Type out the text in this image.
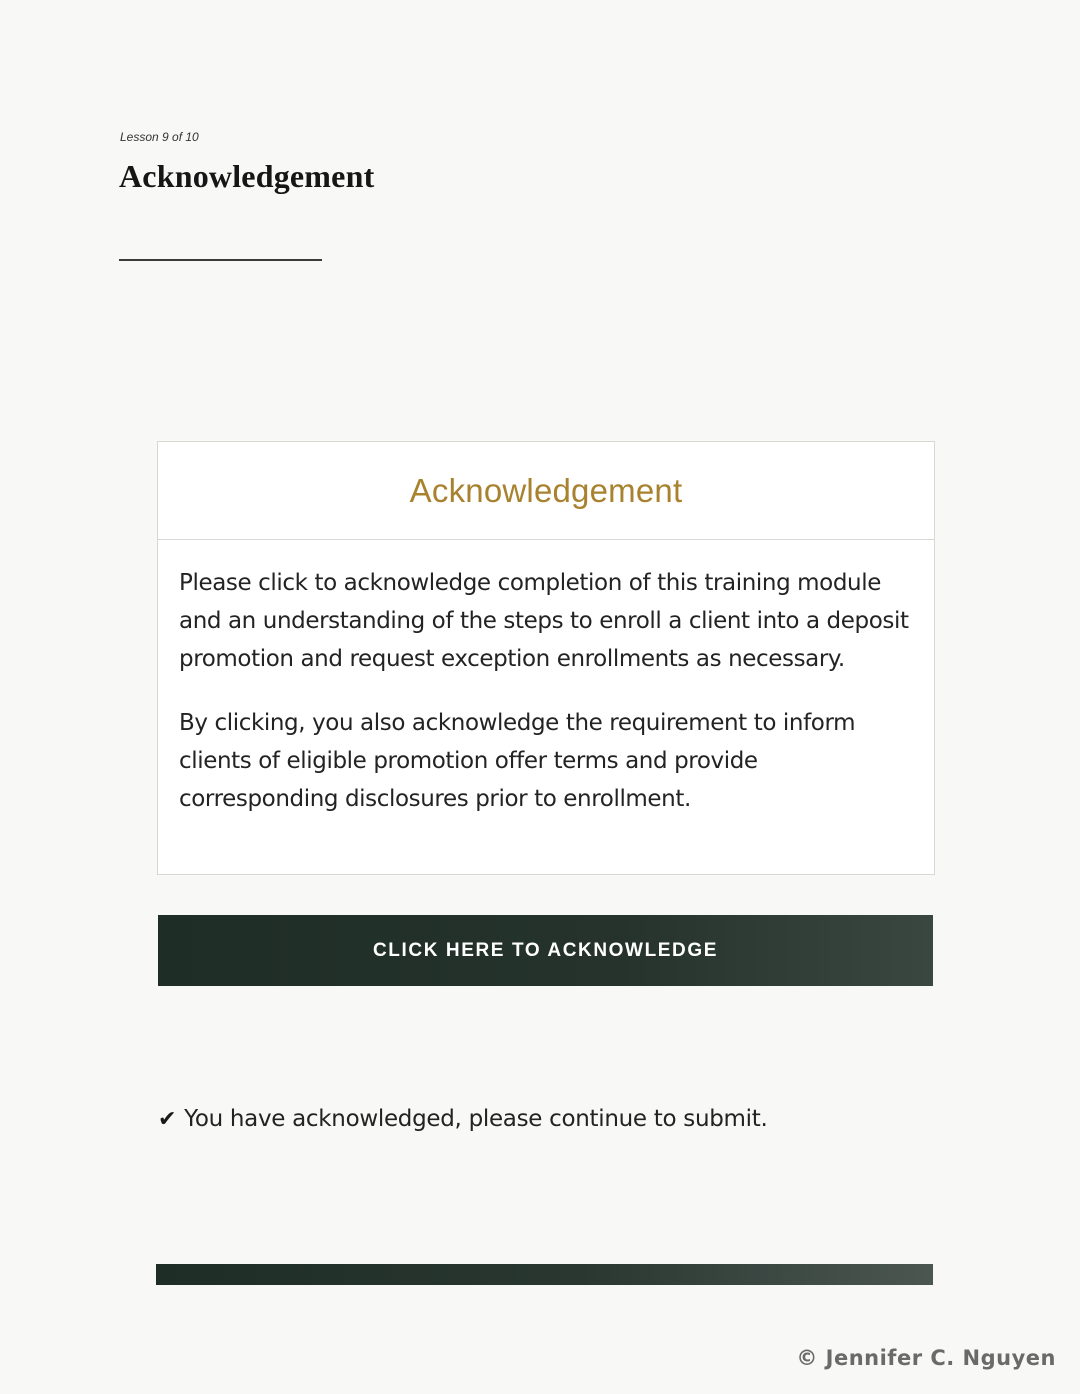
Lesson 9 of 10
Acknowledgement
Acknowledgement

Please click to acknowledge completion of this training module and an understanding of the steps to enroll a client into a deposit promotion and request exception enrollments as necessary.

By clicking, you also acknowledge the requirement to inform clients of eligible promotion offer terms and provide corresponding disclosures prior to enrollment.

CLICK HERE TO ACKNOWLEDGE
✔ You have acknowledged, please continue to submit.
© Jennifer C. Nguyen
